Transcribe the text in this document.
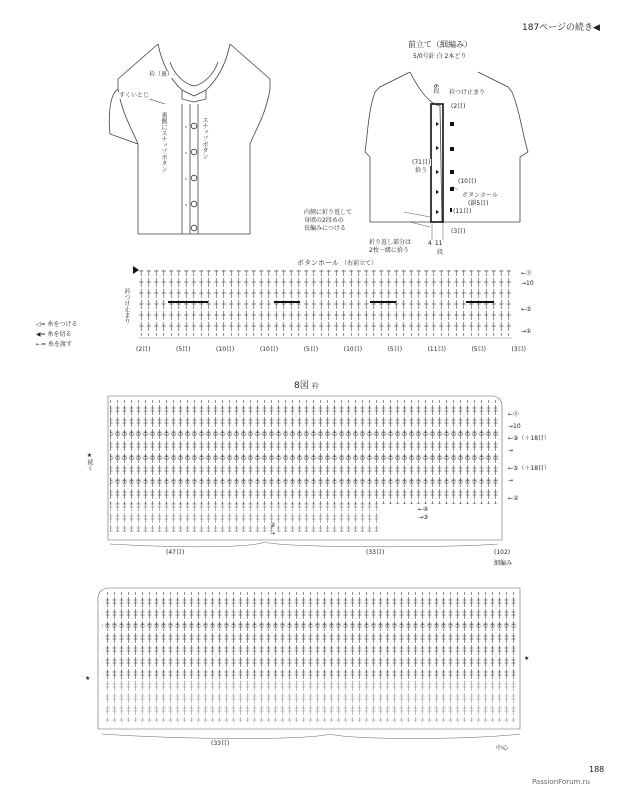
187ページの続き◀
衿（裏）
すくいとじ
スナップボタン
裏側にスナップボタン
前立て（細編み）
5/0号針 白 2本どり
衿つけ止まり
6段
(2目)
(71目)
拾う
(10目)
ボタンホール
(鎖5目)
(11目)
内側に折り返して
身頃の2段めの
長編みにつける
折り返し部分は
2枚一緒に拾う
(3目)
4 11
段
ボタンホール （右前立て）
衿つけ止まり
←⑪
→10
←⑤
→①
(2目)	(5目)	(10目)	(10目)	(5目)	(10目)	(5目)	(11目)	(5目)	(3目)
◁= 糸をつける
◀= 糸を切る
⇠= 糸を渡す
8図 衿
★続く
←⑪
→10
←⑨（＋18目）
→
←⑤（＋18目）
→
←②
←④
→③
②
→
(47目)	(33目)	(102)
細編み
★
★
(33目)
中心
188
PassionForum.ru
